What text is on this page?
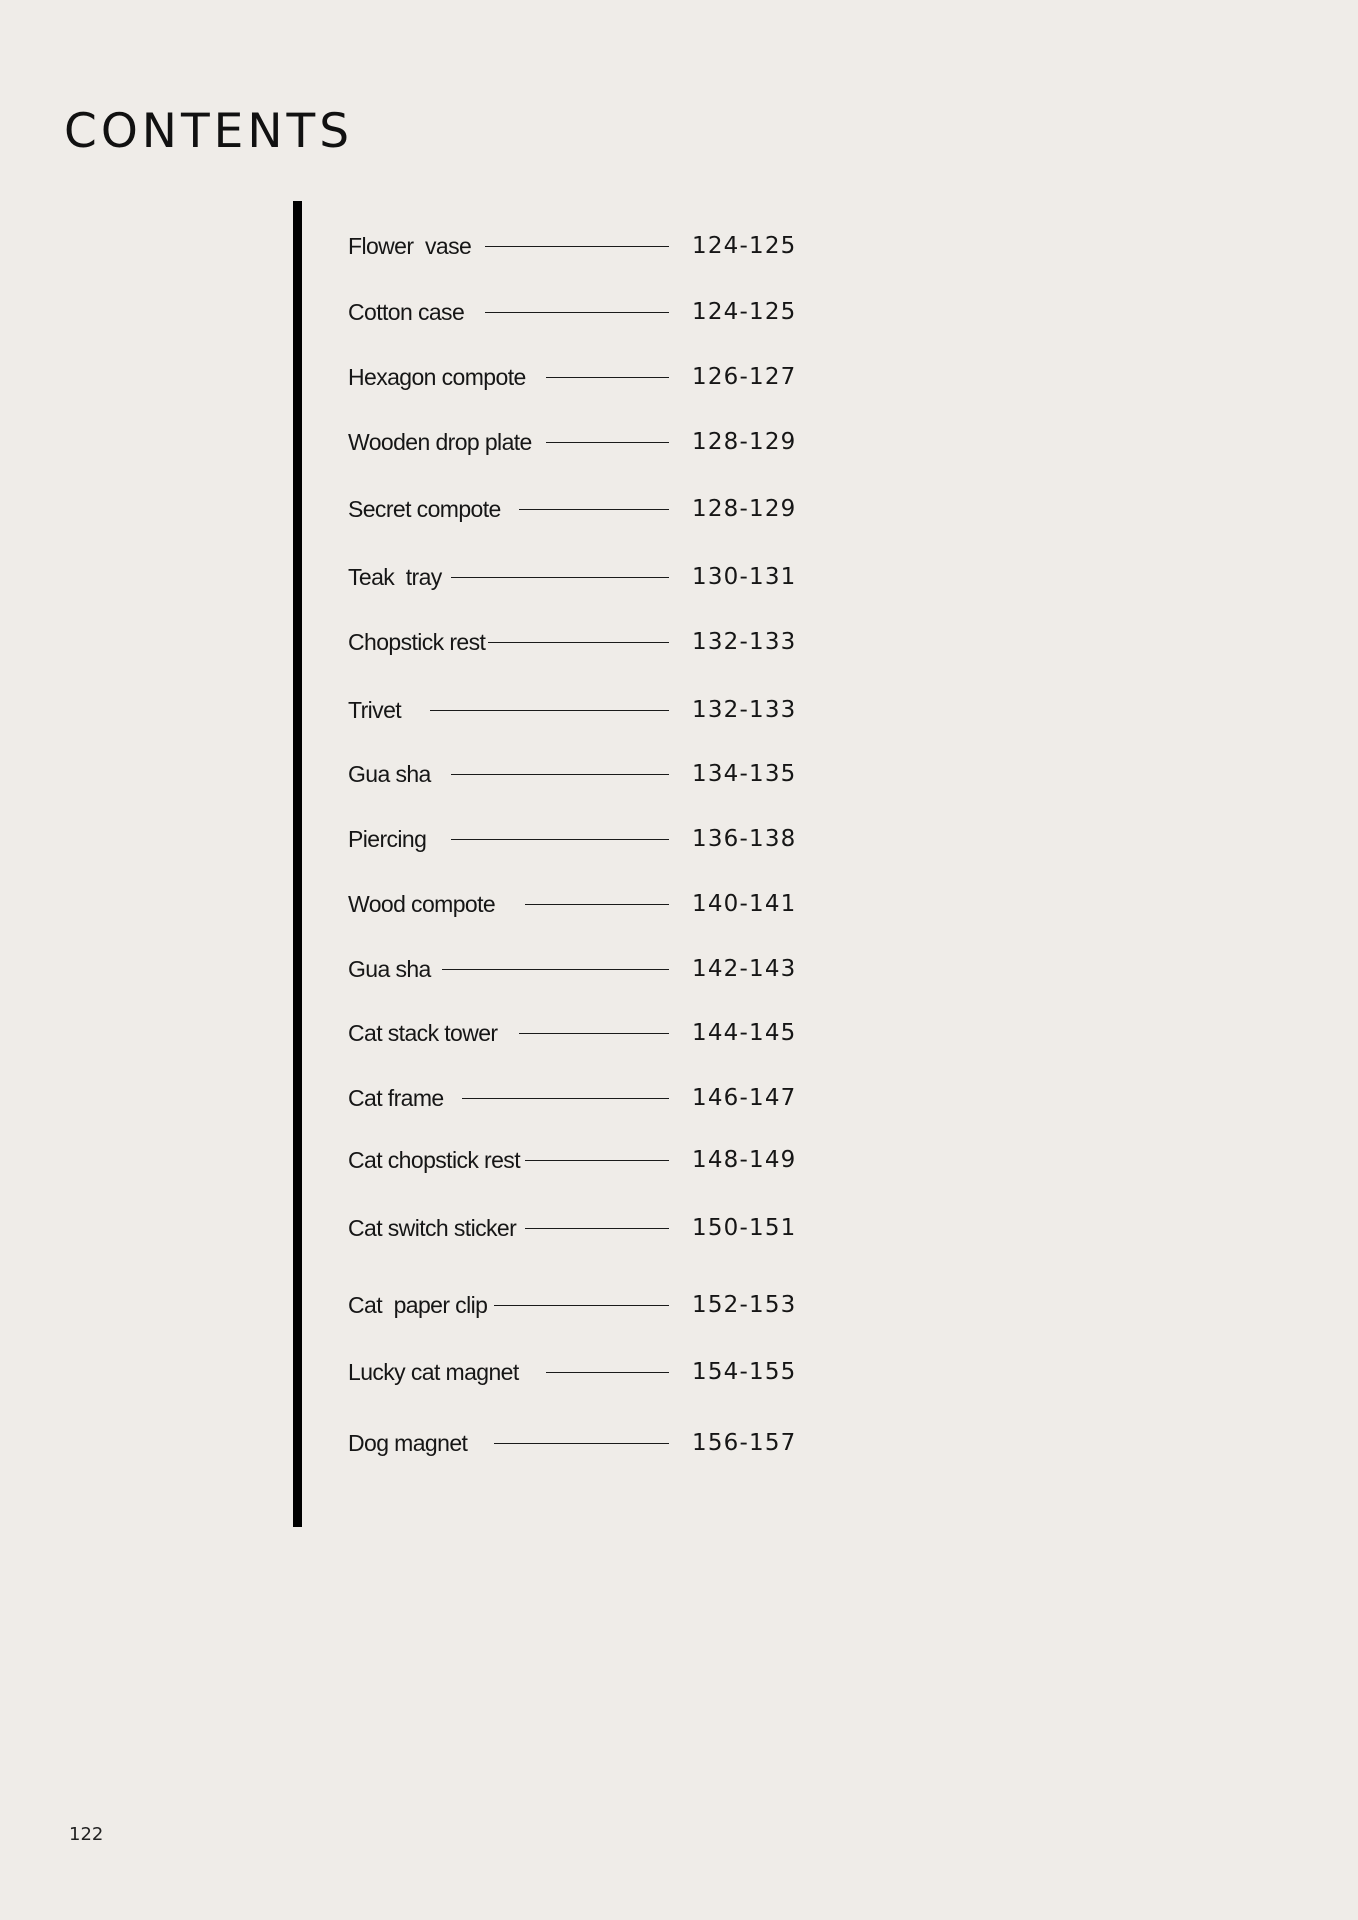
CONTENTS
Flower  vase	124-125
Cotton case	124-125
Hexagon compote	126-127
Wooden drop plate	128-129
Secret compote	128-129
Teak  tray	130-131
Chopstick rest	132-133
Trivet	132-133
Gua sha	134-135
Piercing	136-138
Wood compote	140-141
Gua sha	142-143
Cat stack tower	144-145
Cat frame	146-147
Cat chopstick rest	148-149
Cat switch sticker	150-151
Cat  paper clip	152-153
Lucky cat magnet	154-155
Dog magnet	156-157
122
